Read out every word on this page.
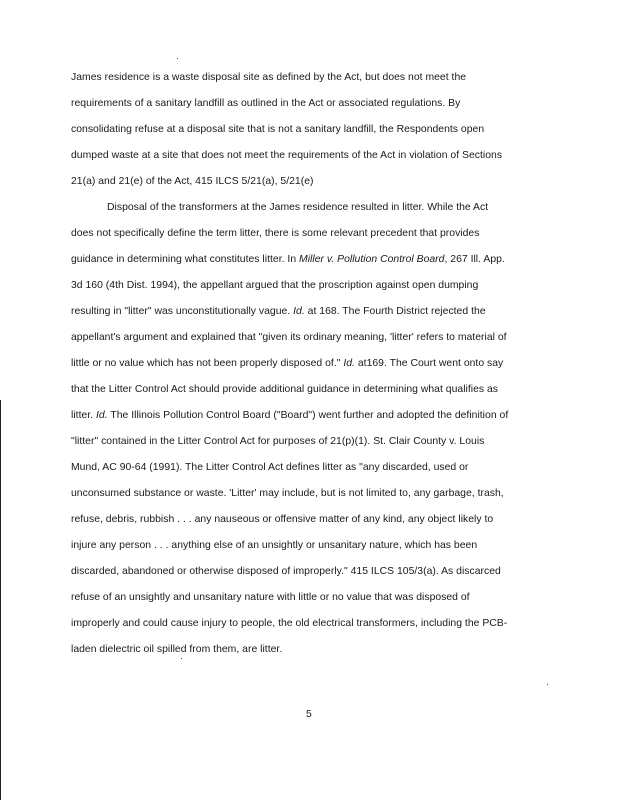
James residence is a waste disposal site as defined by the Act, but does not meet the
requirements of a sanitary landfill as outlined in the Act or associated regulations. By
consolidating refuse at a disposal site that is not a sanitary landfill, the Respondents open
dumped waste at a site that does not meet the requirements of the Act in violation of Sections
21(a) and 21(e) of the Act, 415 ILCS 5/21(a), 5/21(e)
Disposal of the transformers at the James residence resulted in litter. While the Act
does not specifically define the term litter, there is some relevant precedent that provides
guidance in determining what constitutes litter. In Miller v. Pollution Control Board, 267 Ill. App.
3d 160 (4th Dist. 1994), the appellant argued that the proscription against open dumping
resulting in "litter" was unconstitutionally vague. Id. at 168. The Fourth District rejected the
appellant's argument and explained that "given its ordinary meaning, 'litter' refers to material of
little or no value which has not been properly disposed of." Id. at169. The Court went onto say
that the Litter Control Act should provide additional guidance in determining what qualifies as
litter. Id. The Illinois Pollution Control Board ("Board") went further and adopted the definition of
"litter" contained in the Litter Control Act for purposes of 21(p)(1). St. Clair County v. Louis
Mund, AC 90-64 (1991). The Litter Control Act defines litter as "any discarded, used or
unconsumed substance or waste. 'Litter' may include, but is not limited to, any garbage, trash,
refuse, debris, rubbish . . . any nauseous or offensive matter of any kind, any object likely to
injure any person . . . anything else of an unsightly or unsanitary nature, which has been
discarded, abandoned or otherwise disposed of improperly." 415 ILCS 105/3(a). As discarced
refuse of an unsightly and unsanitary nature with little or no value that was disposed of
improperly and could cause injury to people, the old electrical transformers, including the PCB-
laden dielectric oil spilled from them, are litter.
5
